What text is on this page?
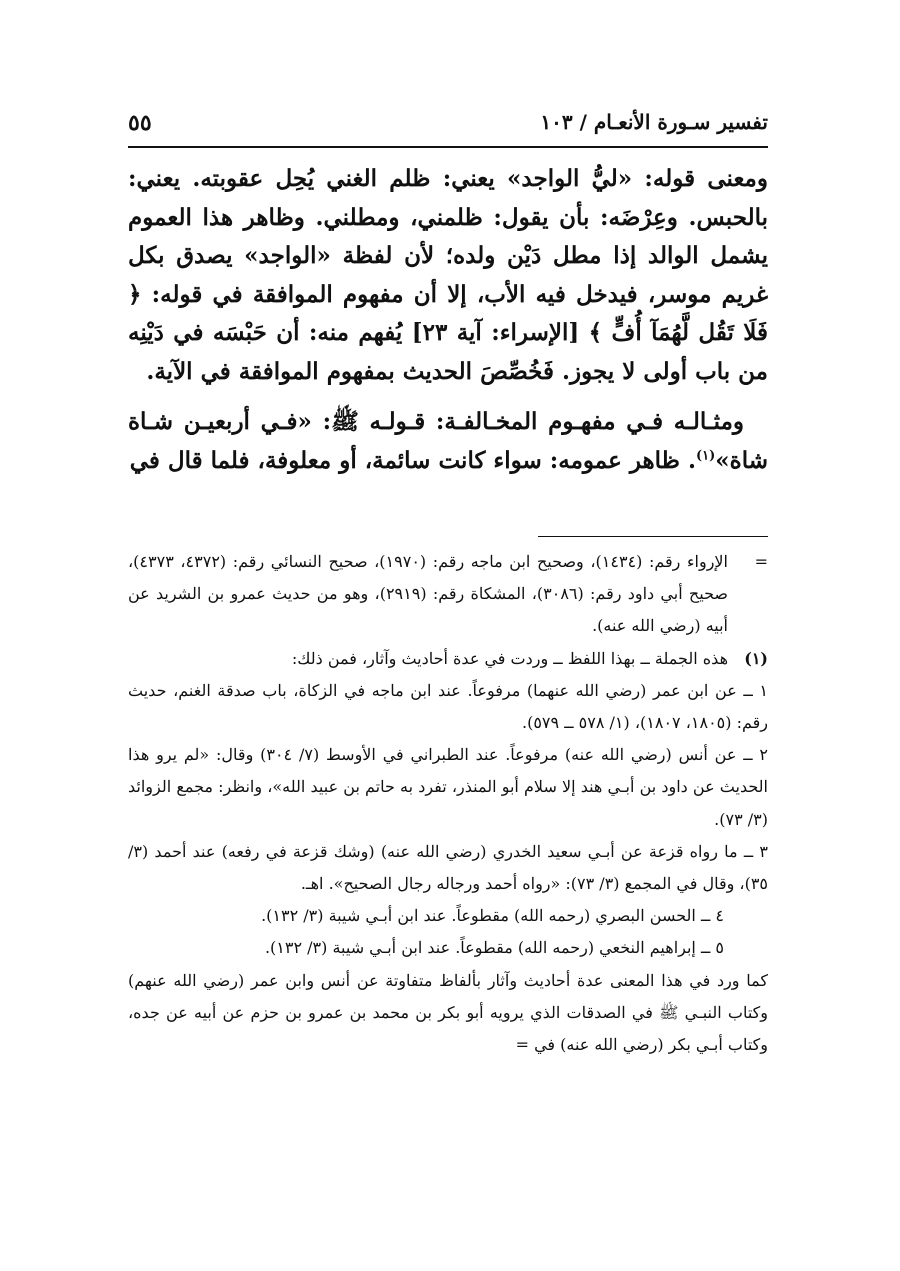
تفسير سـورة الأنعـام / ١٠٣
٥٥

ومعنى قوله: «ليُّ الواجد» يعني: ظلم الغني يُحِل عقوبته. يعني: بالحبس. وعِرْضَه: بأن يقول: ظلمني، ومطلني. وظاهر هذا العموم يشمل الوالد إذا مطل دَيْن ولده؛ لأن لفظة «الواجد» يصدق بكل غريم موسر، فيدخل فيه الأب، إلا أن مفهوم الموافقة في قوله: ﴿ فَلَا تَقُل لَّهُمَآ أُفٍّ ﴾ [الإسراء: آية ٢٣] يُفهم منه: أن حَبْسَه في دَيْنِه من باب أولى لا يجوز. فَخُصِّصَ الحديث بمفهوم الموافقة في الآية.

ومثـالـه فـي مفهـوم المخـالفـة: قـولـه ﷺ: «فـي أربعيـن شـاة شاة»$^{(١)}$. ظاهر عمومه: سواء كانت سائمة، أو معلوفة، فلما قال في

=
الإرواء رقم: (١٤٣٤)، وصحيح ابن ماجه رقم: (١٩٧٠)، صحيح النسائي رقم: (٤٣٧٢، ٤٣٧٣)، صحيح أبي داود رقم: (٣٠٨٦)، المشكاة رقم: (٢٩١٩)، وهو من حديث عمرو بن الشريد عن أبيه (رضي الله عنه).
(١)
هذه الجملة ــ بهذا اللفظ ــ وردت في عدة أحاديث وآثار، فمن ذلك:
١ ــ عن ابن عمر (رضي الله عنهما) مرفوعاً. عند ابن ماجه في الزكاة، باب صدقة الغنم، حديث رقم: (١٨٠٥، ١٨٠٧)، (١/ ٥٧٨ ــ ٥٧٩).
٢ ــ عن أنس (رضي الله عنه) مرفوعاً. عند الطبراني في الأوسط (٧/ ٣٠٤) وقال: «لم يرو هذا الحديث عن داود بن أبـي هند إلا سلام أبو المنذر، تفرد به حاتم بن عبيد الله»، وانظر: مجمع الزوائد (٣/ ٧٣).
٣ ــ ما رواه قزعة عن أبـي سعيد الخدري (رضي الله عنه) (وشك قزعة في رفعه) عند أحمد (٣/ ٣٥)، وقال في المجمع (٣/ ٧٣): «رواه أحمد ورجاله رجال الصحيح». اهـ.
٤ ــ الحسن البصري (رحمه الله) مقطوعاً. عند ابن أبـي شيبة (٣/ ١٣٢).
٥ ــ إبراهيم النخعي (رحمه الله) مقطوعاً. عند ابن أبـي شيبة (٣/ ١٣٢).
كما ورد في هذا المعنى عدة أحاديث وآثار بألفاظ متفاوتة عن أنس وابن عمر (رضي الله عنهم) وكتاب النبـي ﷺ في الصدقات الذي يرويه أبو بكر بن محمد بن عمرو بن حزم عن أبيه عن جده، وكتاب أبـي بكر (رضي الله عنه) في =
